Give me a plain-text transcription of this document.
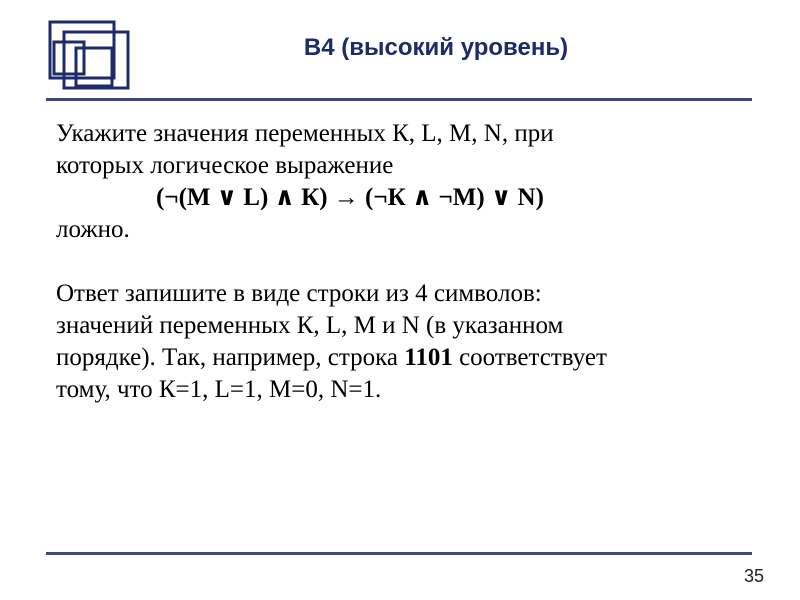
В4 (высокий уровень)

Укажите значения переменных К, L, M, N, при

которых логическое выражение

(¬(М ∨ L) ∧ К) → (¬К ∧ ¬М) ∨ N)

ложно.

Ответ запишите в виде строки из 4 символов:

значений переменных К, L, М и N (в указанном

порядке). Так, например, строка 1101 соответствует

тому, что К=1, L=1, M=0, N=1.

35
